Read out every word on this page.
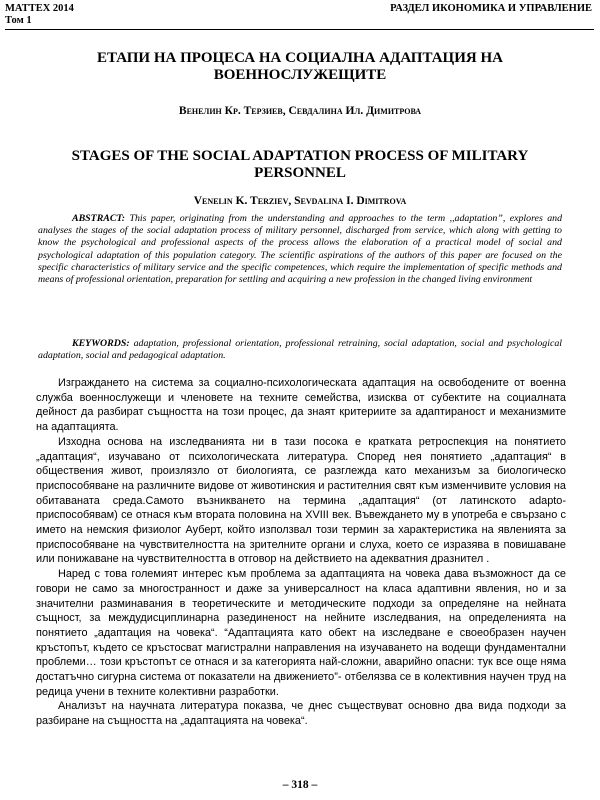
MATTEX 2014
Том 1
РАЗДЕЛ ИКОНОМИКА И УПРАВЛЕНИЕ
ЕТАПИ НА ПРОЦЕСА НА СОЦИАЛНА АДАПТАЦИЯ НА
ВОЕННОСЛУЖЕЩИТЕ
Венелин Кр. Терзиев, Севдалина Ил. Димитрова
STAGES OF THE SOCIAL ADAPTATION PROCESS OF MILITARY
PERSONNEL
Venelin K. Terziev, Sevdalina I. Dimitrova
ABSTRACT: This paper, originating from the understanding and approaches to the term ,,adaptation”, explores and analyses the stages of the social adaptation process of military personnel, discharged from service, which along with getting to know the psychological and professional aspects of the process allows the elaboration of a practical model of social and psychological adaptation of this population category. The scientific aspirations of the authors of this paper are focused on the specific characteristics of military service and the specific competences, which require the implementation of specific methods and means of professional orientation, preparation for settling and acquiring a new profession in the changed living environment
KEYWORDS: adaptation, professional orientation, professional retraining, social adaptation, social and psychological adaptation, social and pedagogical adaptation.

Изграждането на система за социално-психологическата адаптация на освободените от военна служба военнослужещи и членовете на техните семейства, изисква от субектите на социалната дейност да разбират същността на този процес, да знаят критериите за адаптираност и механизмите на адаптацията.

Изходна основа на изследванията ни в тази посока е кратката ретроспекция на понятието „адаптация“, изучавано от психологическата литература. Според нея понятието „адаптация“ в обществения живот, произлязло от биологията, се разглежда като механизъм за биологическо приспособяване на различните видове от животинския и растителния свят към изменчивите условия на обитаваната среда.Самото възникването на термина „адаптация“ (от латинското adapto- приспособявам) се отнася към втората половина на XVIII век. Въвеждането му в употреба е свързано с името на немския физиолог Ауберт, който използвал този термин за характеристика на явленията за приспособяване на чувствителността на зрителните органи и слуха, което се изразява в повишаване или понижаване на чувствителността в отговор на действието на адекватния дразнител .

Наред с това големият интерес към проблема за адаптацията на човека дава възможност да се говори не само за многостранност и даже за универсалност на класа адаптивни явления, но и за значителни разминавания в теоретическите и методическите подходи за определяне на нейната същност, за междудисциплинарна разединеност на нейните изследвания, на определенията на понятието „адаптация на човека“. “Адаптацията като обект на изследване е своеобразен научен кръстопът, където се кръстосват магистрални направления на изучаването на водещи фундаментални проблеми… този кръстопът се отнася и за категорията най-сложни, аварийно опасни: тук все още няма достатъчно сигурна система от показатели на движението”- отбелязва се в колективния научен труд на редица учени в техните колективни разработки.

Анализът на научната литература показва, че днес съществуват основно два вида подходи за разбиране на същността на „адаптацията на човека“.

– 318 –
